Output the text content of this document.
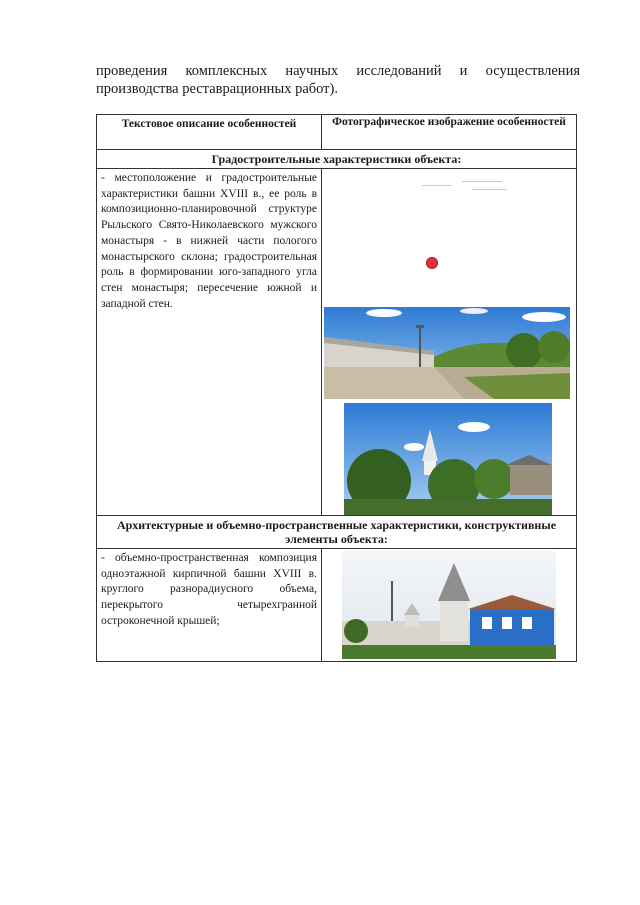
проведения комплексных научных исследований и осуществления производства реставрационных работ).
Текстовое описание особенностей	Фотографическое изображение особенностей
Градостроительные характеристики объекта:	
- местоположение и градостроительные характеристики башни XVIII в., ее роль в композиционно-планировочной структуре Рыльского Свято-Николаевского мужского монастыря - в нижней части пологого монастырского склона; градостроительная роль в формировании юго-западного угла стен монастыря; пересечение южной и западной стен.	

Архитектурные и объемно-пространственные характеристики, конструктивные элементы объекта:	
- объемно-пространственная композиция одноэтажной кирпичной башни XVIII в. круглого разнорадиусного объема, перекрытого четырехгранной остроконечной крышей;	
